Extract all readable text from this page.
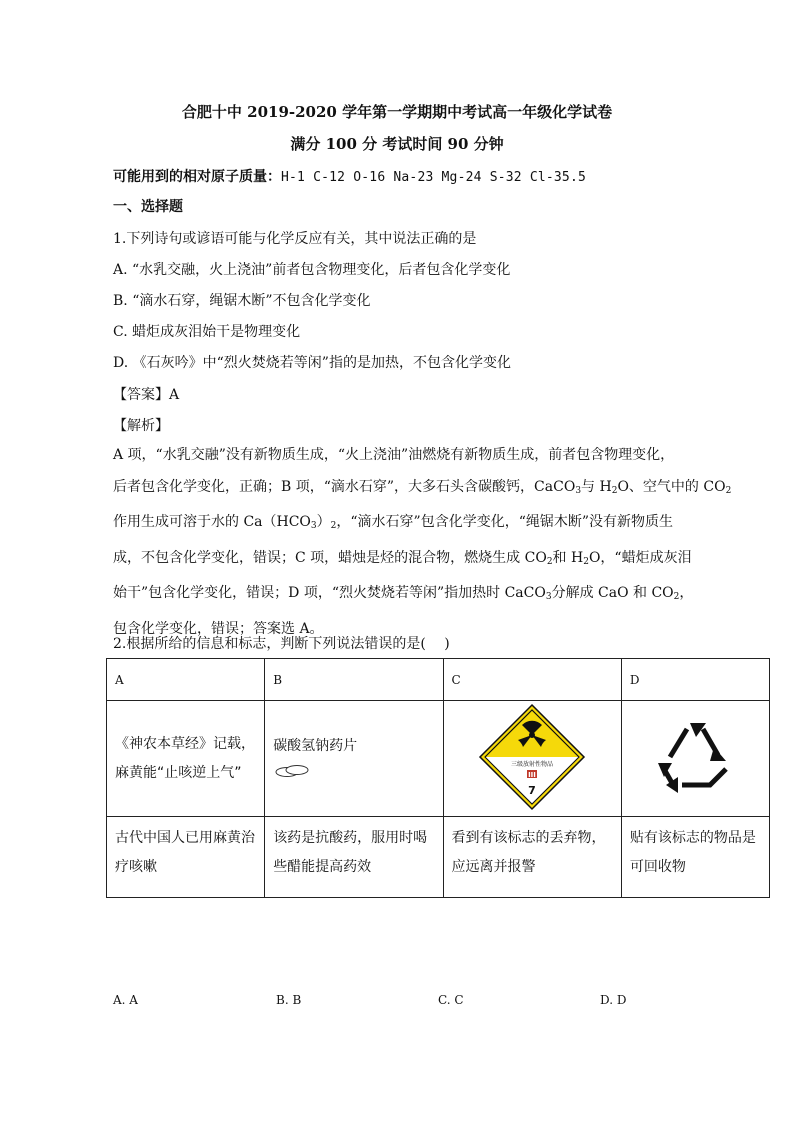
合肥十中 2019-2020 学年第一学期期中考试高一年级化学试卷
满分 100 分 考试时间 90 分钟
可能用到的相对原子质量：H-1 C-12 O-16 Na-23 Mg-24 S-32 Cl-35.5
一、选择题
1.下列诗句或谚语可能与化学反应有关，其中说法正确的是
A. “水乳交融，火上浇油”前者包含物理变化，后者包含化学变化
B. “滴水石穿，绳锯木断”不包含化学变化
C. 蜡炬成灰泪始干是物理变化
D. 《石灰吟》中“烈火焚烧若等闲”指的是加热，不包含化学变化
【答案】A
【解析】

A 项，“水乳交融”没有新物质生成，“火上浇油”油燃烧有新物质生成，前者包含物理变化，

后者包含化学变化，正确；B 项，“滴水石穿”，大多石头含碳酸钙，CaCO$_3$与 $H_2O$、空气中的 $CO_2$

作用生成可溶于水的 $Ca(HCO_3)_2$，“滴水石穿”包含化学变化，“绳锯木断”没有新物质生

成，不包含化学变化，错误；C 项，蜡烛是烃的混合物，燃烧生成 $CO_2$和 $H_2O$，“蜡炬成灰泪

始干”包含化学变化，错误；D 项，“烈火焚烧若等闲”指加热时 CaCO$_3$分解成 CaO 和 $CO_2$，

包含化学变化，错误；答案选 A。

2.根据所给的信息和标志，判断下列说法错误的是(　 )
A	B	C	D

《神农本草经》记载，麻黄能“止咳逆上气”	碳酸氢钠药片	三级放射性物品
III
7

古代中国人已用麻黄治疗咳嗽	该药是抗酸药，服用时喝些醋能提高药效	看到有该标志的丢弃物，应远离并报警	贴有该标志的物品是可回收物
A. A	B. B	C. C	D. D
